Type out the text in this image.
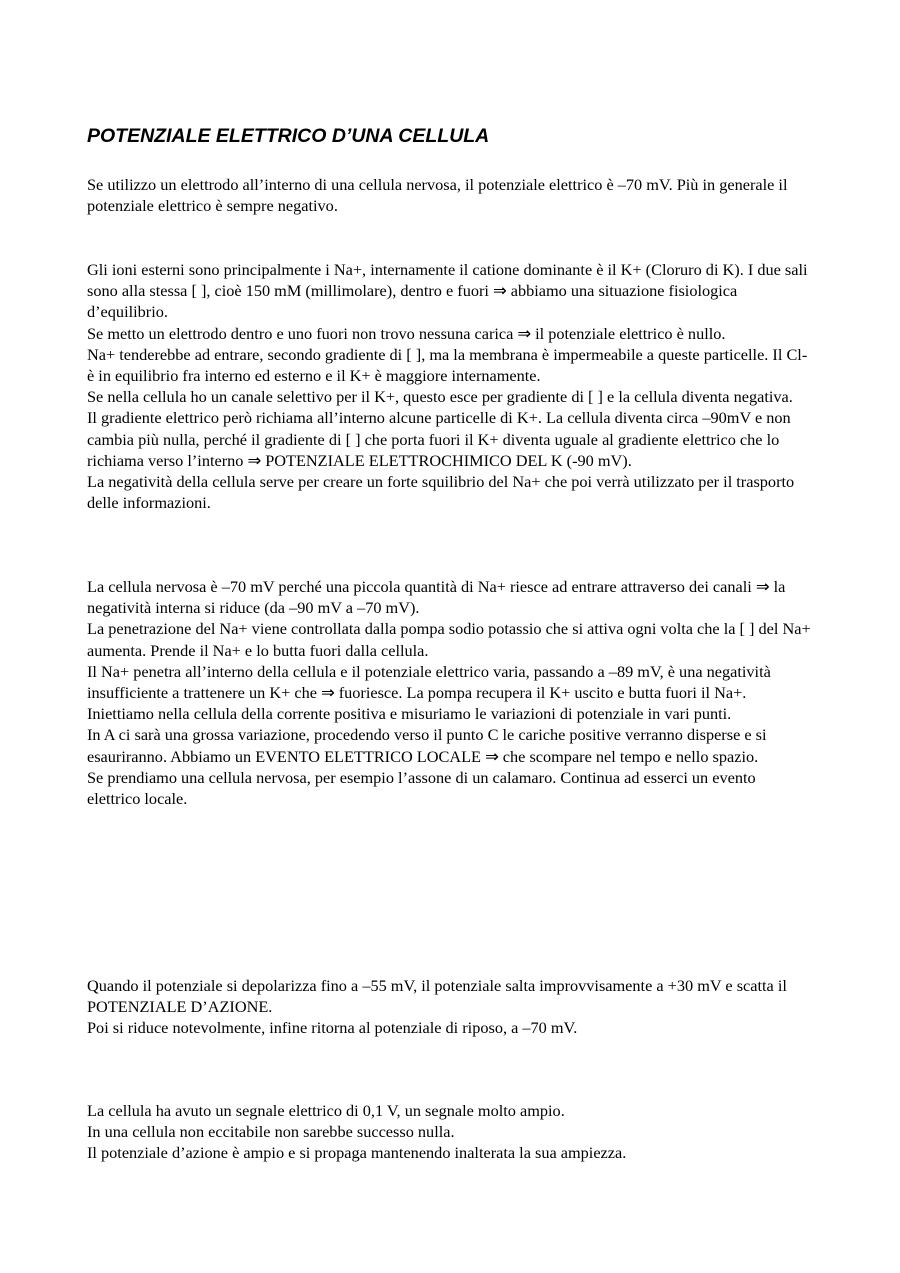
POTENZIALE ELETTRICO D’UNA CELLULA

Se utilizzo un elettrodo all’interno di una cellula nervosa, il potenziale elettrico è –70 mV. Più in generale il potenziale elettrico è sempre negativo.

Gli ioni esterni sono principalmente i Na+, internamente il catione dominante è il K+ (Cloruro di K). I due sali sono alla stessa [ ], cioè 150 mM (millimolare), dentro e fuori ⇒ abbiamo una situazione fisiologica d’equilibrio.

Se metto un elettrodo dentro e uno fuori non trovo nessuna carica ⇒ il potenziale elettrico è nullo.

Na+ tenderebbe ad entrare, secondo gradiente di [ ], ma la membrana è impermeabile a queste particelle. Il Cl- è in equilibrio fra interno ed esterno e il K+ è maggiore internamente.

Se nella cellula ho un canale selettivo per il K+, questo esce per gradiente di [ ] e la cellula diventa negativa.

Il gradiente elettrico però richiama all’interno alcune particelle di K+. La cellula diventa circa –90mV e non cambia più nulla, perché il gradiente di [ ] che porta fuori il K+ diventa uguale al gradiente elettrico che lo richiama verso l’interno ⇒ POTENZIALE ELETTROCHIMICO DEL K (-90 mV).

La negatività della cellula serve per creare un forte squilibrio del Na+ che poi verrà utilizzato per il trasporto delle informazioni.

La cellula nervosa è –70 mV perché una piccola quantità di Na+ riesce ad entrare attraverso dei canali ⇒ la negatività interna si riduce (da –90 mV a –70 mV).

La penetrazione del Na+ viene controllata dalla pompa sodio potassio che si attiva ogni volta che la [ ] del Na+ aumenta. Prende il Na+ e lo butta fuori dalla cellula.

Il Na+ penetra all’interno della cellula e il potenziale elettrico varia, passando a –89 mV, è una negatività insufficiente a trattenere un K+ che ⇒ fuoriesce. La pompa recupera il K+ uscito e butta fuori il Na+.

Iniettiamo nella cellula della corrente positiva e misuriamo le variazioni di potenziale in vari punti.

In A ci sarà una grossa variazione, procedendo verso il punto C le cariche positive verranno disperse e si esauriranno. Abbiamo un EVENTO ELETTRICO LOCALE ⇒ che scompare nel tempo e nello spazio.

Se prendiamo una cellula nervosa, per esempio l’assone di un calamaro. Continua ad esserci un evento elettrico locale.

Quando il potenziale si depolarizza fino a –55 mV, il potenziale salta improvvisamente a +30 mV e scatta il POTENZIALE D’AZIONE.

Poi si riduce notevolmente, infine ritorna al potenziale di riposo, a –70 mV.

La cellula ha avuto un segnale elettrico di 0,1 V, un segnale molto ampio.

In una cellula non eccitabile non sarebbe successo nulla.

Il potenziale d’azione è ampio e si propaga mantenendo inalterata la sua ampiezza.
